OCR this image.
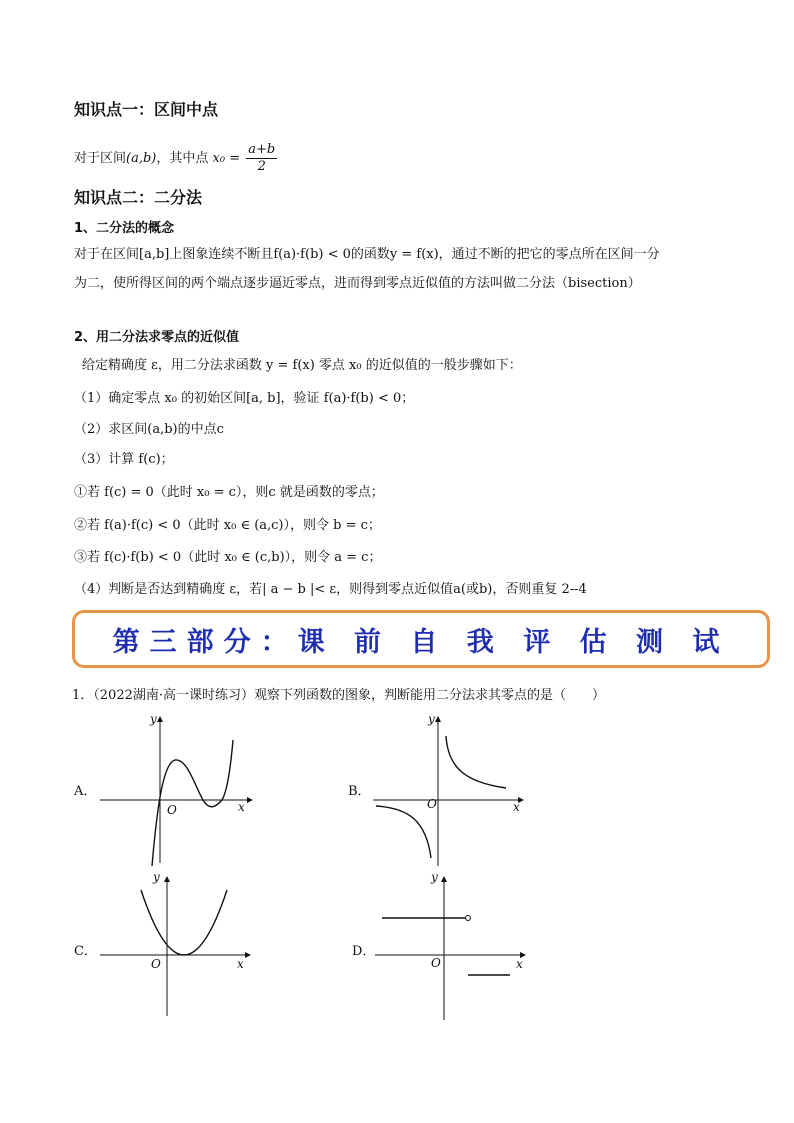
知识点一：区间中点
对于区间(a,b)，其中点 $x_0 = \frac{a+b}{2}$
知识点二：二分法
1、二分法的概念
对于在区间[a,b]上图象连续不断且f(a)·f(b) < 0的函数y = f(x)，通过不断的把它的零点所在区间一分
为二，使所得区间的两个端点逐步逼近零点，进而得到零点近似值的方法叫做二分法（bisection）
2、用二分法求零点的近似值
给定精确度 ε，用二分法求函数 y = f(x) 零点 x₀ 的近似值的一般步骤如下：
（1）确定零点 x₀ 的初始区间[a, b]，验证 f(a)·f(b) < 0；
（2）求区间(a,b)的中点c
（3）计算 f(c)；
①若 f(c) = 0（此时 x₀ = c），则c 就是函数的零点；
②若 f(a)·f(c) < 0（此时 x₀ ∈ (a,c)），则令 b = c；
③若 f(c)·f(b) < 0（此时 x₀ ∈ (c,b)），则令 a = c；
（4）判断是否达到精确度 ε，若| a − b |< ε，则得到零点近似值a(或b)，否则重复 2--4
第三部分：课 前 自 我 评 估 测 试
1．（2022湖南·高一课时练习）观察下列函数的图象，判断能用二分法求其零点的是（　　）
A．
O	x
y
B．
O	x
y
C．
O	x
y
D．
O	x
y
